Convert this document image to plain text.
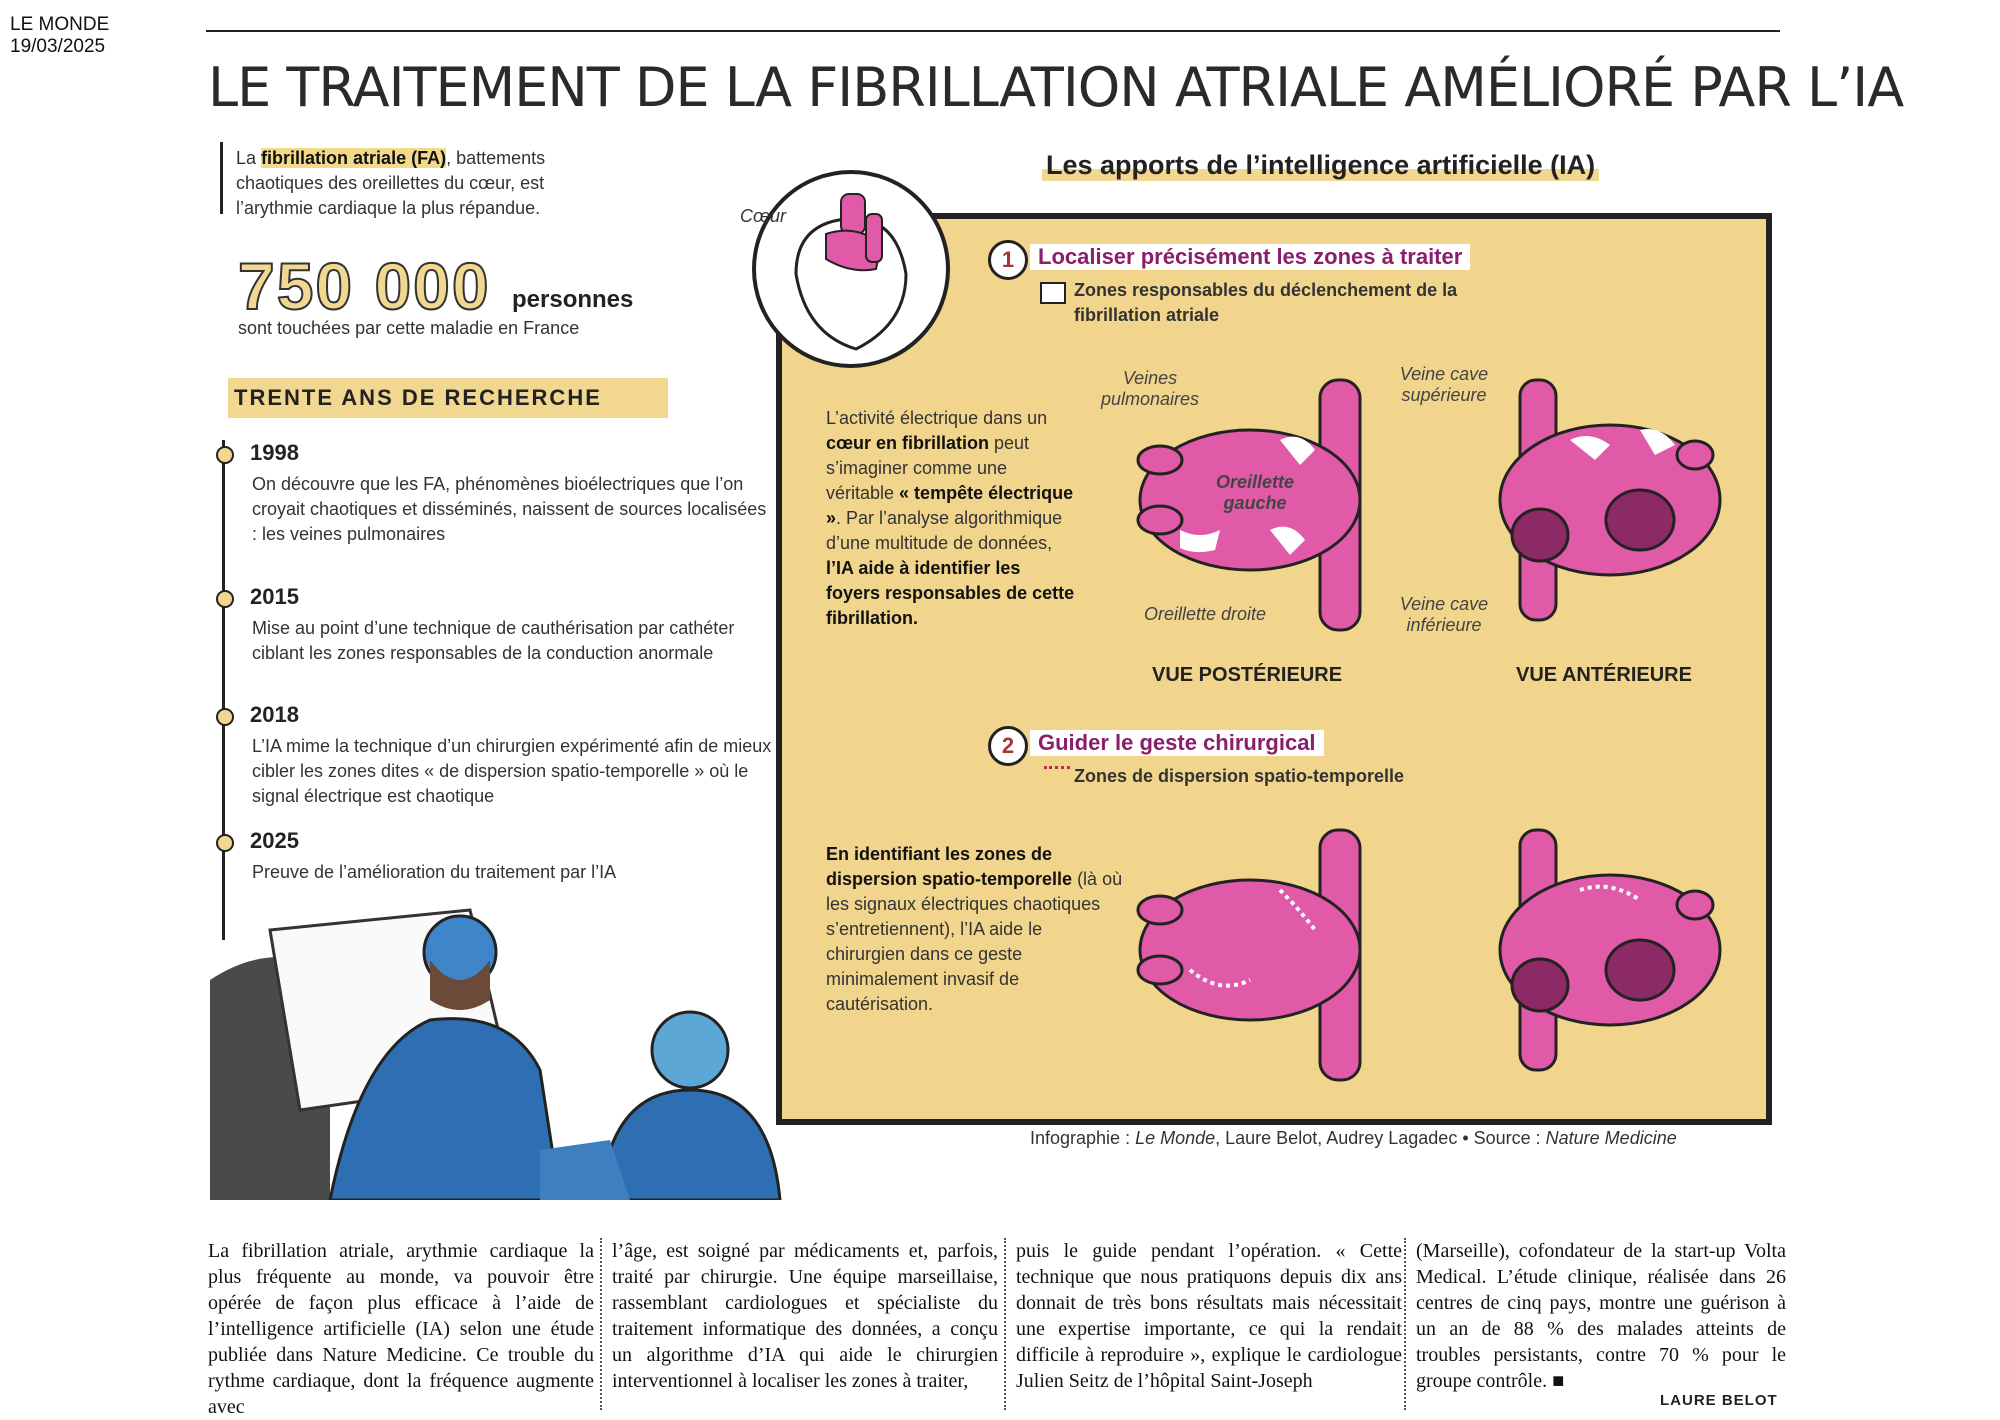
LE MONDE
19/03/2025
LE TRAITEMENT DE LA FIBRILLATION ATRIALE AMÉLIORÉ PAR L’IA
La fibrillation atriale (FA), battements chaotiques des oreillettes du cœur, est l’arythmie cardiaque la plus répandue.
750 000 personnes
sont touchées par cette maladie en France
TRENTE ANS DE RECHERCHE
1998
On découvre que les FA, phénomènes bioélectriques que l’on croyait chaotiques et disséminés, naissent de sources localisées : les veines pulmonaires
2015
Mise au point d’une technique de cauthérisation par cathéter ciblant les zones responsables de la conduction anormale
2018
L’IA mime la technique d’un chirurgien expérimenté afin de mieux cibler les zones dites « de dispersion spatio-temporelle » où le signal électrique est chaotique
2025
Preuve de l’amélioration du traitement par l’IA
Les apports de l’intelligence artificielle (IA)
Cœur
1	Localiser précisément les zones à traiter
Zones responsables du déclenchement de la fibrillation atriale
L’activité électrique dans un cœur en fibrillation peut s’imaginer comme une véritable « tempête électrique ». Par l’analyse algorithmique d’une multitude de données, l’IA aide à identifier les foyers responsables de cette fibrillation.
Veines pulmonaires
Oreillette gauche
Oreillette droite
Veine cave supérieure
Veine cave inférieure
VUE POSTÉRIEURE	VUE ANTÉRIEURE
2	Guider le geste chirurgical
Zones de dispersion spatio-temporelle
En identifiant les zones de dispersion spatio-temporelle (là où les signaux électriques chaotiques s’entretiennent), l’IA aide le chirurgien dans ce geste minimalement invasif de cautérisation.
Infographie : Le Monde, Laure Belot, Audrey Lagadec • Source : Nature Medicine
La fibrillation atriale, arythmie cardiaque la plus fréquente au monde, va pouvoir être opérée de façon plus efficace à l’aide de l’intelligence artificielle (IA) selon une étude publiée dans Nature Medicine. Ce trouble du rythme cardiaque, dont la fréquence augmente avec
l’âge, est soigné par médicaments et, parfois, traité par chirurgie. Une équipe marseillaise, rassemblant cardiologues et spécialiste du traitement informatique des données, a conçu un algorithme d’IA qui aide le chirurgien interventionnel à localiser les zones à traiter,
puis le guide pendant l’opération. « Cette technique que nous pratiquons depuis dix ans donnait de très bons résultats mais nécessitait une expertise importante, ce qui la rendait difficile à reproduire », explique le cardiologue Julien Seitz de l’hôpital Saint-Joseph
(Marseille), cofondateur de la start-up Volta Medical. L’étude clinique, réalisée dans 26 centres de cinq pays, montre une guérison à un an de 88 % des malades atteints de troubles persistants, contre 70 % pour le groupe contrôle. ■
LAURE BELOT
